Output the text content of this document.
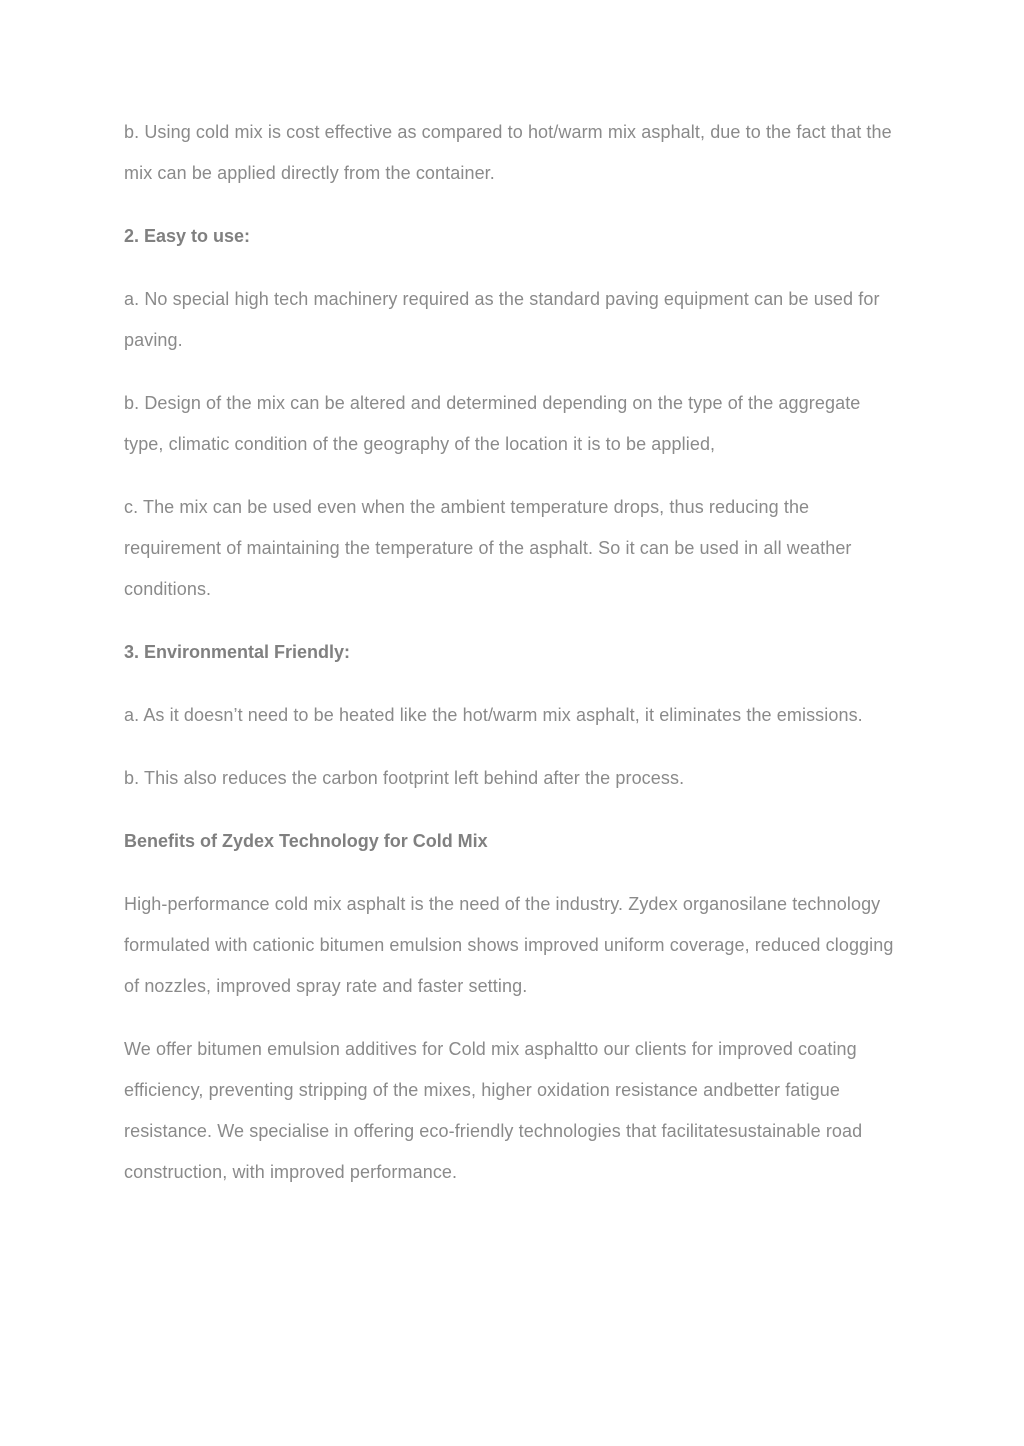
b. Using cold mix is cost effective as compared to hot/warm mix asphalt, due to the fact that the mix can be applied directly from the container.

2. Easy to use:

a. No special high tech machinery required as the standard paving equipment can be used for paving.

b. Design of the mix can be altered and determined depending on the type of the aggregate type, climatic condition of the geography of the location it is to be applied,

c. The mix can be used even when the ambient temperature drops, thus reducing the requirement of maintaining the temperature of the asphalt. So it can be used in all weather conditions.

3. Environmental Friendly:

a. As it doesn’t need to be heated like the hot/warm mix asphalt, it eliminates the emissions.

b. This also reduces the carbon footprint left behind after the process.

Benefits of Zydex Technology for Cold Mix

High-performance cold mix asphalt is the need of the industry. Zydex organosilane technology formulated with cationic bitumen emulsion shows improved uniform coverage, reduced clogging of nozzles, improved spray rate and faster setting.

We offer bitumen emulsion additives for Cold mix asphaltto our clients for improved coating efficiency, preventing stripping of the mixes, higher oxidation resistance andbetter fatigue resistance. We specialise in offering eco-friendly technologies that facilitatesustainable road construction, with improved performance.
